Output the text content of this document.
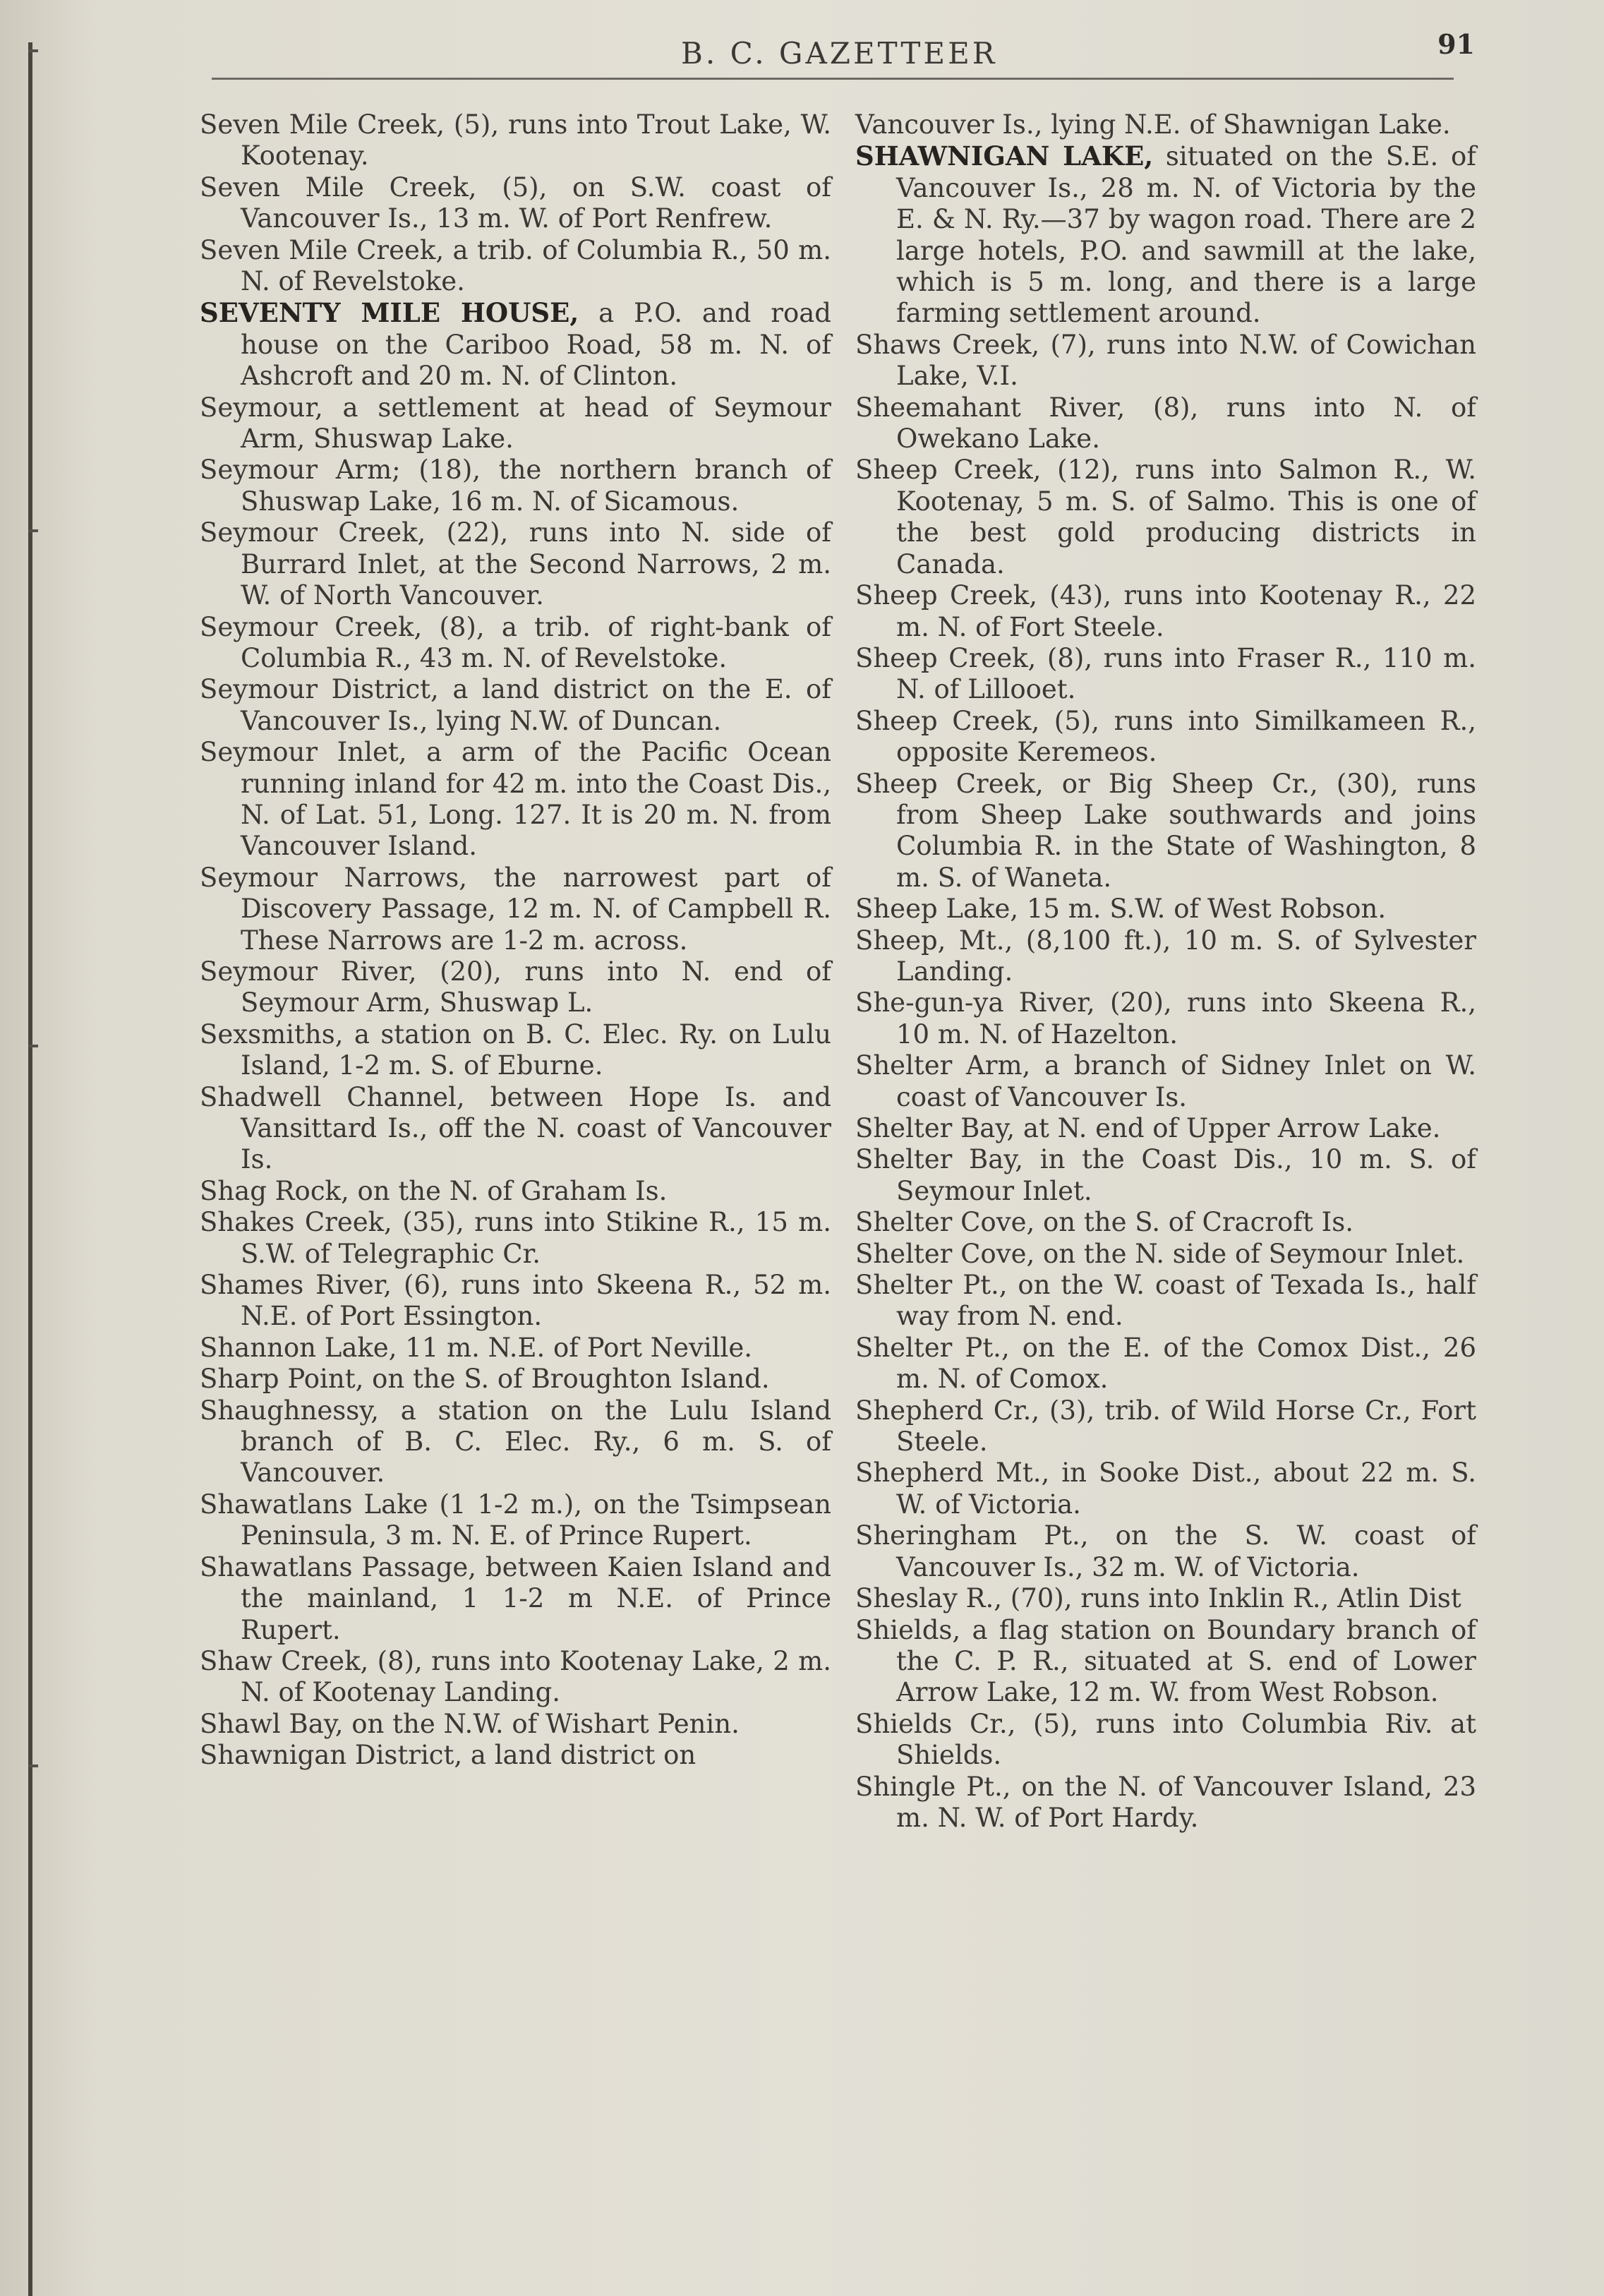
B. C. GAZETTEER	91

Seven Mile Creek, (5), runs into Trout Lake, W. Kootenay.

Seven Mile Creek, (5), on S.W. coast of Vancouver Is., 13 m. W. of Port Renfrew.

Seven Mile Creek, a trib. of Columbia R., 50 m. N. of Revelstoke.

SEVENTY MILE HOUSE, a P.O. and road house on the Cariboo Road, 58 m. N. of Ashcroft and 20 m. N. of Clinton.

Seymour, a settlement at head of Seymour Arm, Shuswap Lake.

Seymour Arm; (18), the northern branch of Shuswap Lake, 16 m. N. of Sicamous.

Seymour Creek, (22), runs into N. side of Burrard Inlet, at the Second Narrows, 2 m. W. of North Vancouver.

Seymour Creek, (8), a trib. of right-bank of Columbia R., 43 m. N. of Revelstoke.

Seymour District, a land district on the E. of Vancouver Is., lying N.W. of Duncan.

Seymour Inlet, a arm of the Pacific Ocean running inland for 42 m. into the Coast Dis., N. of Lat. 51, Long. 127. It is 20 m. N. from Vancouver Island.

Seymour Narrows, the narrowest part of Discovery Passage, 12 m. N. of Campbell R. These Narrows are 1-2 m. across.

Seymour River, (20), runs into N. end of Seymour Arm, Shuswap L.

Sexsmiths, a station on B. C. Elec. Ry. on Lulu Island, 1-2 m. S. of Eburne.

Shadwell Channel, between Hope Is. and Vansittard Is., off the N. coast of Vancouver Is.

Shag Rock, on the N. of Graham Is.

Shakes Creek, (35), runs into Stikine R., 15 m. S.W. of Telegraphic Cr.

Shames River, (6), runs into Skeena R., 52 m. N.E. of Port Essington.

Shannon Lake, 11 m. N.E. of Port Neville.

Sharp Point, on the S. of Broughton Island.

Shaughnessy, a station on the Lulu Island branch of B. C. Elec. Ry., 6 m. S. of Vancouver.

Shawatlans Lake (1 1-2 m.), on the Tsimpsean Peninsula, 3 m. N. E. of Prince Rupert.

Shawatlans Passage, between Kaien Island and the mainland, 1 1-2 m N.E. of Prince Rupert.

Shaw Creek, (8), runs into Kootenay Lake, 2 m. N. of Kootenay Landing.

Shawl Bay, on the N.W. of Wishart Penin.

Shawnigan District, a land district on

Vancouver Is., lying N.E. of Shawnigan Lake.

SHAWNIGAN LAKE, situated on the S.E. of Vancouver Is., 28 m. N. of Victoria by the E. & N. Ry.—37 by wagon road. There are 2 large hotels, P.O. and sawmill at the lake, which is 5 m. long, and there is a large farming settlement around.

Shaws Creek, (7), runs into N.W. of Cowichan Lake, V.I.

Sheemahant River, (8), runs into N. of Owekano Lake.

Sheep Creek, (12), runs into Salmon R., W. Kootenay, 5 m. S. of Salmo. This is one of the best gold producing districts in Canada.

Sheep Creek, (43), runs into Kootenay R., 22 m. N. of Fort Steele.

Sheep Creek, (8), runs into Fraser R., 110 m. N. of Lillooet.

Sheep Creek, (5), runs into Similkameen R., opposite Keremeos.

Sheep Creek, or Big Sheep Cr., (30), runs from Sheep Lake southwards and joins Columbia R. in the State of Washington, 8 m. S. of Waneta.

Sheep Lake, 15 m. S.W. of West Robson.

Sheep, Mt., (8,100 ft.), 10 m. S. of Sylvester Landing.

She-gun-ya River, (20), runs into Skeena R., 10 m. N. of Hazelton.

Shelter Arm, a branch of Sidney Inlet on W. coast of Vancouver Is.

Shelter Bay, at N. end of Upper Arrow Lake.

Shelter Bay, in the Coast Dis., 10 m. S. of Seymour Inlet.

Shelter Cove, on the S. of Cracroft Is.

Shelter Cove, on the N. side of Seymour Inlet.

Shelter Pt., on the W. coast of Texada Is., half way from N. end.

Shelter Pt., on the E. of the Comox Dist., 26 m. N. of Comox.

Shepherd Cr., (3), trib. of Wild Horse Cr., Fort Steele.

Shepherd Mt., in Sooke Dist., about 22 m. S. W. of Victoria.

Sheringham Pt., on the S. W. coast of Vancouver Is., 32 m. W. of Victoria.

Sheslay R., (70), runs into Inklin R., Atlin Dist

Shields, a flag station on Boundary branch of the C. P. R., situated at S. end of Lower Arrow Lake, 12 m. W. from West Robson.

Shields Cr., (5), runs into Columbia Riv. at Shields.

Shingle Pt., on the N. of Vancouver Island, 23 m. N. W. of Port Hardy.
